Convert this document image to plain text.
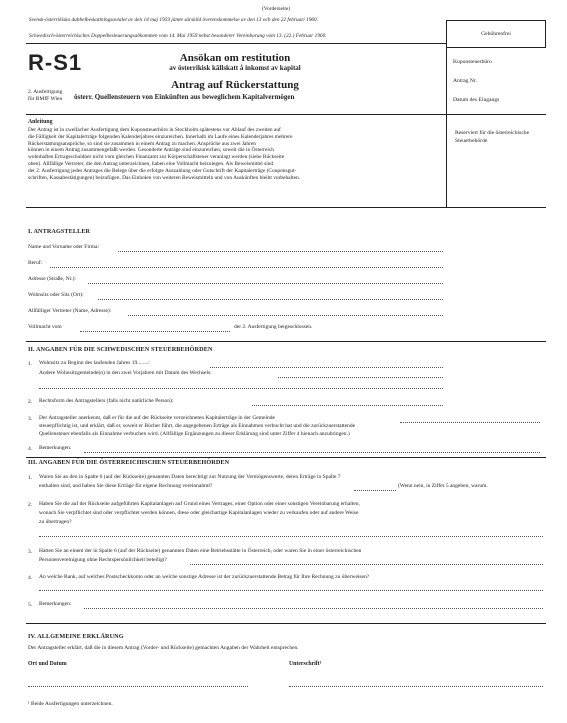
(Vorderseite)
Svensk-österrikiska dubbelbeskattningsavtalet av den 14 maj 1959 jämte särskild överenskommelse av den 13 och den 22 februari 1960.
Schwedisch-österreichisches Doppelbesteuerungsabkommen vom 14. Mai 1959 nebst besonderer Vereinbarung vom 13. (22.) Februar 1960.
R-S1	Ansökan om restitution
av österrikisk källskatt å inkomst av kapital
Antrag auf Rückerstattung
österr. Quellensteuern von Einkünften aus beweglichem Kapitalvermögen
2. Ausfertigung
für BMfF Wien
Gebührenfrei
Kuponsteuerbüro
Antrag Nr.
Datum des Eingangs
Reserviert für die österreichische Steuerbehörde
Anleitung
Der Antrag ist in zweifacher Ausfertigung dem Kuponsteuerbüro in Stockholm spätestens vor Ablauf des zweiten auf
die Fälligkeit der Kapitalerträge folgenden Kalenderjahres einzureichen. Innerhalb im Laufe eines Kalenderjahres mehrere
Rückerstattungsansprüche, so sind sie zusammen in einem Antrag zu machen. Ansprüche aus zwei Jahren
können in einem Antrag zusammengefaßt werden. Gesonderte Anträge sind einzureichen, soweit die in Österreich
wohnhaften Ertragsschuldner nicht vom gleichen Finanzamt zur Körperschaftsteuer veranlagt werden (siehe Rückseite
oben). Allfällige Vertreter, die den Antrag unterzeichnen, haben eine Vollmacht beizulegen. Als Beweismittel sind
der 2. Ausfertigung jedes Antrages die Belege über die erfolgte Auszahlung oder Gutschrift der Kapitalerträge (Couponsgut-
schriften, Kassabestätigungen) beizufügen. Das Einholen von weiteren Beweismitteln und von Auskünften bleibt vorbehalten.
I. ANTRAGSTELLER
Name und Vorname oder Firma:
Beruf:
Adresse (Straße, Nr.):
Wohnsitz oder Sitz (Ort):
Allfälliger Vertreter (Name, Adresse):
Vollmacht vom	der 2. Ausfertigung beigeschlossen.
II. ANGABEN FÜR DIE SCHWEDISCHEN STEUERBEHÖRDEN
1. Wohnsitz zu Beginn des laufenden Jahres 19........:
Andere Wohnsitzgemeinde(n) in den zwei Vorjahren mit Datum des Wechsels:
2. Rechtsform des Antragstellers (falls nicht natürliche Person):
3. Der Antragsteller anerkennt, daß er für die auf der Rückseite verzeichneten Kapitalerträge in der Gemeinde
steuerpflichtig ist, und erklärt, daß er, soweit er Bücher führt, die angegebenen Erträge als Einnahmen verbucht hat und die zurückzuerstattende
Quellensteuer ebenfalls als Einnahme verbuchen wird. (Allfällige Ergänzungen zu dieser Erklärung sind unter Ziffer 4 hienach anzubringen.)
4. Bemerkungen:
III. ANGABEN FÜR DIE ÖSTERREICHISCHEN STEUERBEHÖRDEN
1. Waren Sie an den in Spalte 6 (auf der Rückseite) genannten Daten berechtigt zur Nutzung der Vermögenswerte, deren Erträge in Spalte 7
enthalten sind, und haben Sie diese Erträge für eigene Rechnung vereinnahmt?	(Wenn nein, in Ziffer 5 angeben, warum.
2. Haben Sie die auf der Rückseite aufgeführten Kapitalanlagen auf Grund eines Vertrages, einer Option oder einer sonstigen Vereinbarung erhalten,
wonach Sie verpflichtet sind oder verpflichtet werden können, diese oder gleichartige Kapitalanlagen wieder zu verkaufen oder auf andere Weise
zu übertragen?
3. Hatten Sie an einem der in Spalte 6 (auf der Rückseite) genannten Daten eine Betriebsstätte in Österreich, oder waren Sie in einer österreichischen
Personenvereinigung ohne Rechtspersönlichkeit beteiligt?
4. An welche Bank, auf welches Postscheckkonto oder an welche sonstige Adresse ist der zurückzuerstattende Betrag für Ihre Rechnung zu überweisen?
5. Bemerkungen:
IV. ALLGEMEINE ERKLÄRUNG
Der Antragsteller erklärt, daß die in diesem Antrag (Vorder- und Rückseite) gemachten Angaben der Wahrheit entsprechen.
Ort und Datum	Unterschrift¹
¹ Beide Ausfertigungen unterzeichnen.
